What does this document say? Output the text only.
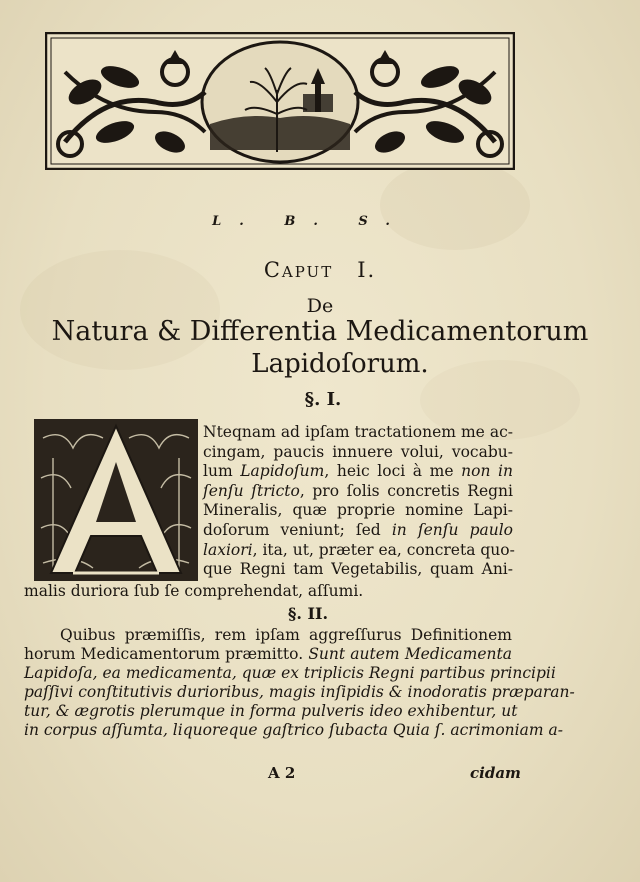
L. B. S.
CAPUT I.
De
Natura & Differentia Medicamentorum
Lapidoſorum.
§. I.
Nteqnam ad ipſam tractationem me ac-
cingam, paucis innuere volui, vocabu-
lum Lapidoſum, heic loci à me non in
ſenſu ſtricto, pro ſolis concretis Regni
Mineralis, quæ proprie nomine Lapi-
doſorum veniunt; ſed in ſenſu paulo
laxiori, ita, ut, præter ea, concreta quo-
que Regni tam Vegetabilis, quam Ani-
malis duriora ſub ſe comprehendat, aſſumi.
§. II.
Quibus præmiſſis, rem ipſam aggreſſurus Definitionem
horum Medicamentorum præmitto. Sunt autem Medicamenta
Lapidoſa, ea medicamenta, quæ ex triplicis Regni partibus principii
paſſivi conſtitutivis durioribus, magis inſipidis & inodoratis præparan-
tur, & ægrotis plerumque in forma pulveris ideo exhibentur, ut
in corpus aſſumta, liquoreque gaſtrico ſubacta Quia ſ. acrimoniam a-
A 2	cidam
